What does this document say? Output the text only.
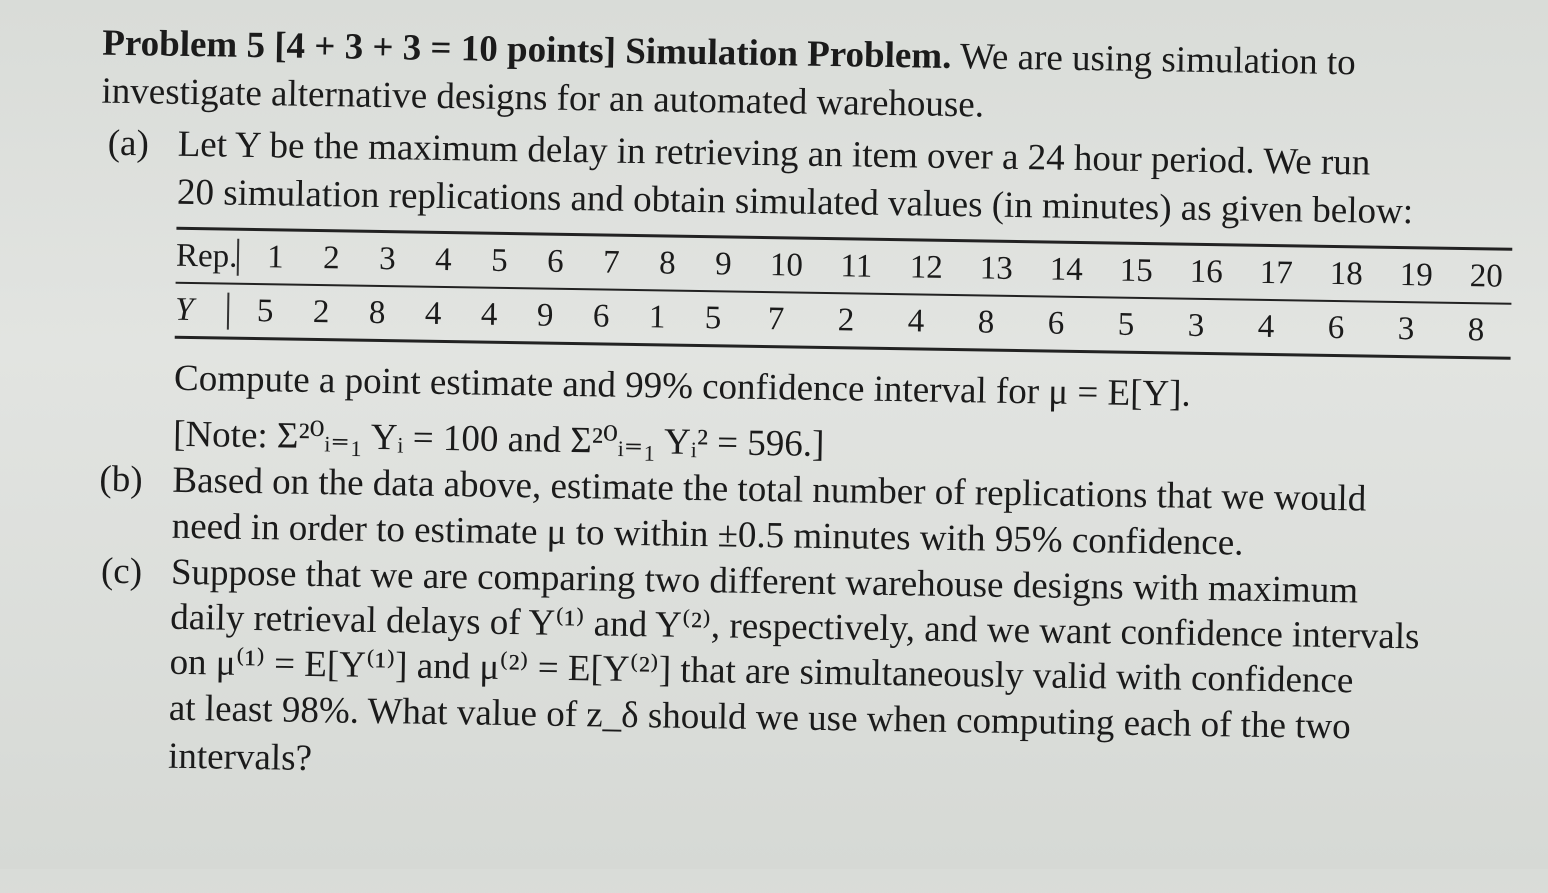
Problem 5 [4 + 3 + 3 = 10 points] Simulation Problem. We are using simulation to
investigate alternative designs for an automated warehouse.
(a) Let Y be the maximum delay in retrieving an item over a 24 hour period. We run
20 simulation replications and obtain simulated values (in minutes) as given below:
Rep. 1	2	3	4	5	6	7	8	9	10	11	12	13	14	15	16	17	18	19	20
Y	5	2	8	4	4	9	6	1	5	7	2	4	8	6	5	3	4	6	3	8
Compute a point estimate and 99% confidence interval for μ = E[Y].
[Note: Σ²⁰ᵢ₌₁ Yᵢ = 100 and Σ²⁰ᵢ₌₁ Yᵢ² = 596.]
(b) Based on the data above, estimate the total number of replications that we would
need in order to estimate μ to within ±0.5 minutes with 95% confidence.
(c) Suppose that we are comparing two different warehouse designs with maximum
daily retrieval delays of Y⁽¹⁾ and Y⁽²⁾, respectively, and we want confidence intervals
on μ⁽¹⁾ = E[Y⁽¹⁾] and μ⁽²⁾ = E[Y⁽²⁾] that are simultaneously valid with confidence
at least 98%. What value of z_δ should we use when computing each of the two
intervals?
